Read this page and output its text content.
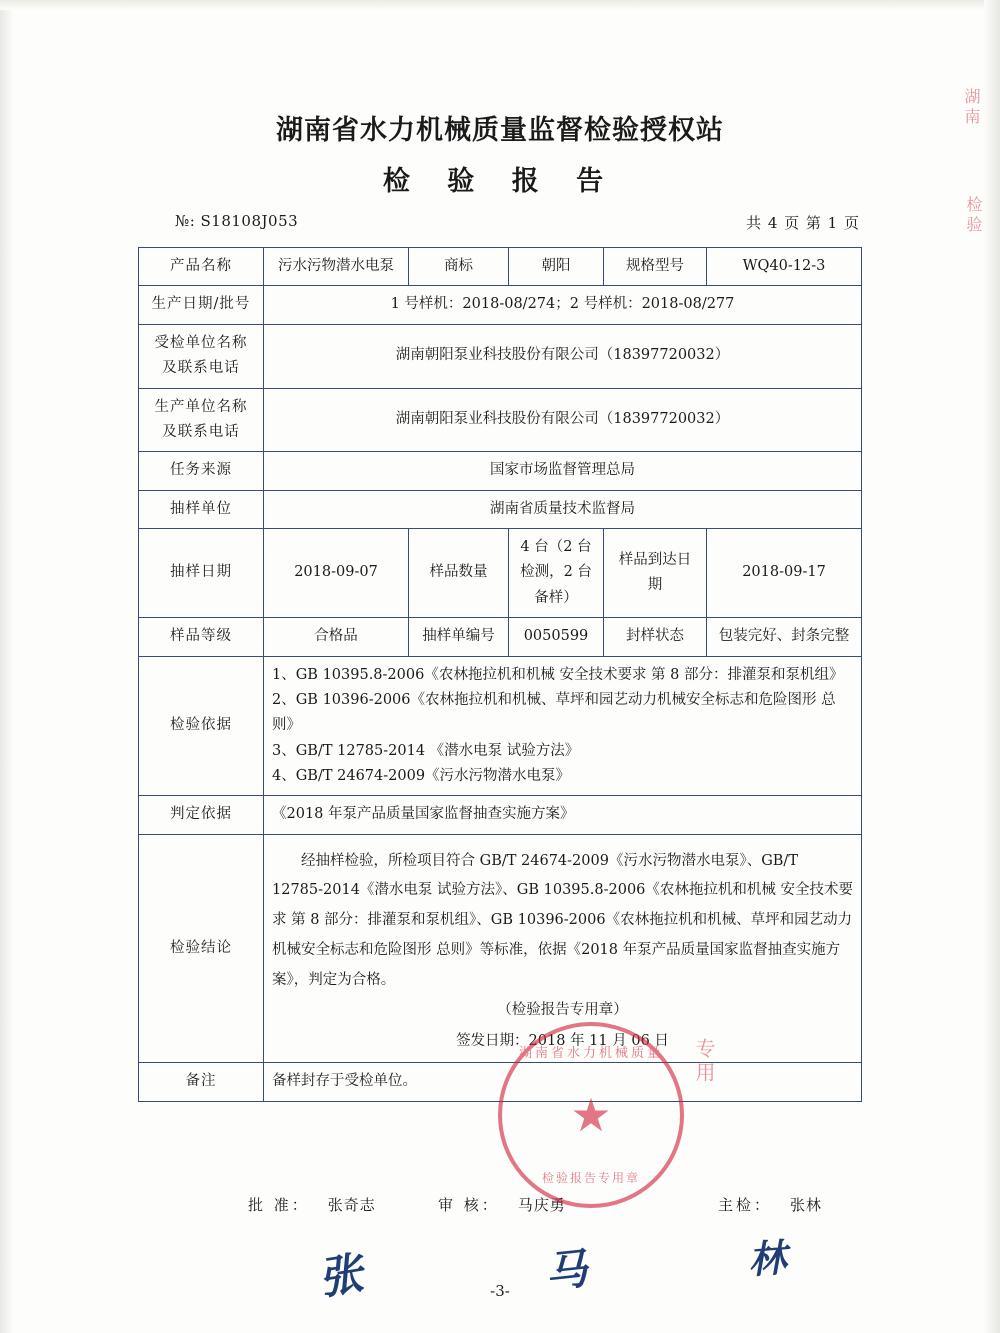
湖南省水力机械质量监督检验授权站
检 验 报 告
№: S18108J053	共 4 页 第 1 页
产品名称	污水污物潜水电泵	商标	朝阳	规格型号	WQ40-12-3
生产日期/批号	1 号样机：2018-08/274；2 号样机：2018-08/277				
受检单位名称及联系电话	湖南朝阳泵业科技股份有限公司（18397720032）				
生产单位名称及联系电话	湖南朝阳泵业科技股份有限公司（18397720032）				
任务来源	国家市场监督管理总局				
抽样单位	湖南省质量技术监督局				
抽样日期	2018-09-07	样品数量	4 台（2 台检测，2 台备样）	样品到达日期	2018-09-17
样品等级	合格品	抽样单编号	0050599	封样状态	包装完好、封条完整
检验依据	1、GB 10395.8-2006《农林拖拉机和机械 安全技术要求 第 8 部分：排灌泵和泵机组》
2、GB 10396-2006《农林拖拉机和机械、草坪和园艺动力机械安全标志和危险图形 总则》
3、GB/T 12785-2014 《潜水电泵 试验方法》
4、GB/T 24674-2009《污水污物潜水电泵》				

判定依据	《2018 年泵产品质量国家监督抽查实施方案》				
检验结论	经抽样检验，所检项目符合 GB/T 24674-2009《污水污物潜水电泵》、GB/T 12785-2014《潜水电泵 试验方法》、GB 10395.8-2006《农林拖拉机和机械 安全技术要求 第 8 部分：排灌泵和泵机组》、GB 10396-2006《农林拖拉机和机械、草坪和园艺动力机械安全标志和危险图形 总则》等标准，依据《2018 年泵产品质量国家监督抽查实施方案》，判定为合格。

（检验报告专用章）
签发日期：2018 年 11 月 06 日				

备注	备样封存于受检单位。				
批 准： 张奇志	审 核： 马庆勇	主检： 张林
张	马	林
湖南省水力机械质量
★
检验报告专用章
湖南
检验
专用
-3-
